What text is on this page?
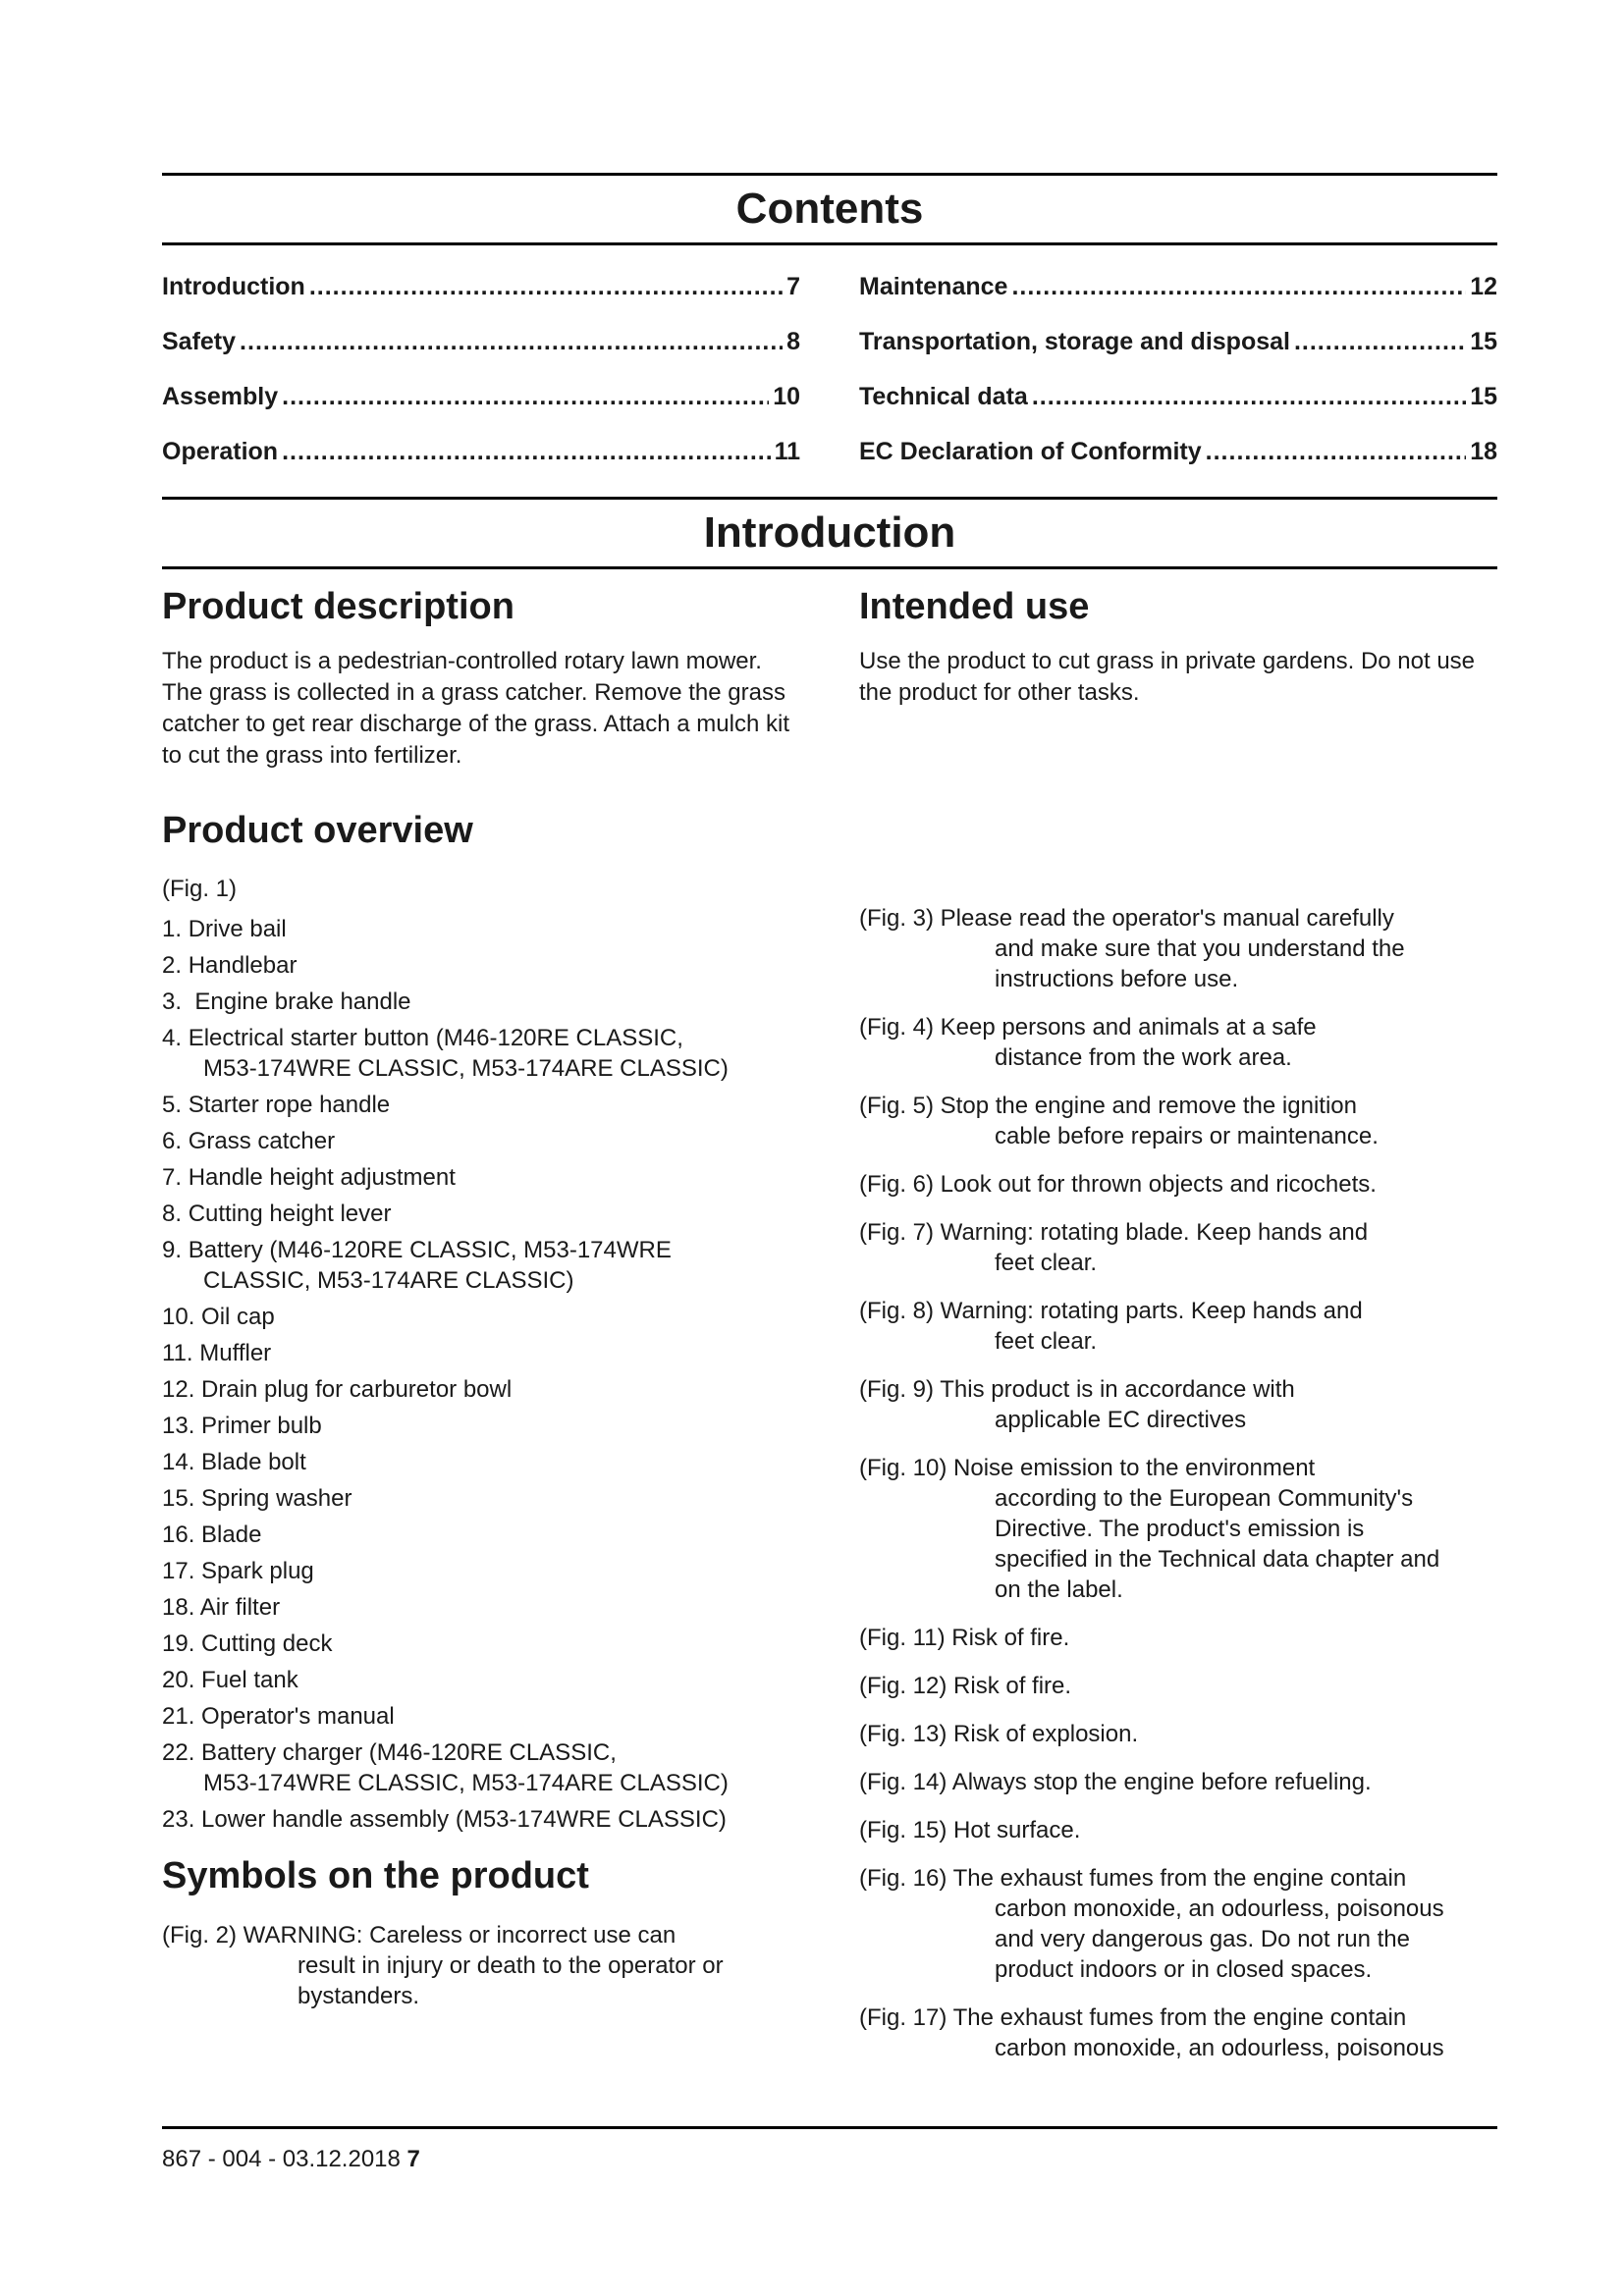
Contents
Introduction .....	7 Maintenance .....	12
Safety .....	8 Transportation, storage and disposal .....	15
Assembly .....	10 Technical data .....	15
Operation .....	11 EC Declaration of Conformity .....	18
Introduction
Product description

The product is a pedestrian-controlled rotary lawn mower. The grass is collected in a grass catcher. Remove the grass catcher to get rear discharge of the grass. Attach a mulch kit to cut the grass into fertilizer.

Product overview
(Fig. 1)
1. Drive bail
2. Handlebar
3.  Engine brake handle
4. Electrical starter button (M46-120RE CLASSIC,
M53-174WRE CLASSIC, M53-174ARE CLASSIC)
5. Starter rope handle
6. Grass catcher
7. Handle height adjustment
8. Cutting height lever
9. Battery (M46-120RE CLASSIC, M53-174WRE
CLASSIC, M53-174ARE CLASSIC)
10. Oil cap
11. Muffler
12. Drain plug for carburetor bowl
13. Primer bulb
14. Blade bolt
15. Spring washer
16. Blade
17. Spark plug
18. Air filter
19. Cutting deck
20. Fuel tank
21. Operator's manual
22. Battery charger (M46-120RE CLASSIC,
M53-174WRE CLASSIC, M53-174ARE CLASSIC)
23. Lower handle assembly (M53-174WRE CLASSIC)
Symbols on the product
(Fig. 2) WARNING: Careless or incorrect use can
result in injury or death to the operator or
bystanders.
Intended use

Use the product to cut grass in private gardens. Do not use the product for other tasks.

(Fig. 3) Please read the operator's manual carefully
and make sure that you understand the
instructions before use.
(Fig. 4) Keep persons and animals at a safe
distance from the work area.
(Fig. 5) Stop the engine and remove the ignition
cable before repairs or maintenance.
(Fig. 6) Look out for thrown objects and ricochets.
(Fig. 7) Warning: rotating blade. Keep hands and
feet clear.
(Fig. 8) Warning: rotating parts. Keep hands and
feet clear.
(Fig. 9) This product is in accordance with
applicable EC directives
(Fig. 10) Noise emission to the environment
according to the European Community's
Directive. The product's emission is
specified in the Technical data chapter and
on the label.
(Fig. 11) Risk of fire.
(Fig. 12) Risk of fire.
(Fig. 13) Risk of explosion.
(Fig. 14) Always stop the engine before refueling.
(Fig. 15) Hot surface.
(Fig. 16) The exhaust fumes from the engine contain
carbon monoxide, an odourless, poisonous
and very dangerous gas. Do not run the
product indoors or in closed spaces.
(Fig. 17) The exhaust fumes from the engine contain
carbon monoxide, an odourless, poisonous
867 - 004 - 03.12.2018 7
